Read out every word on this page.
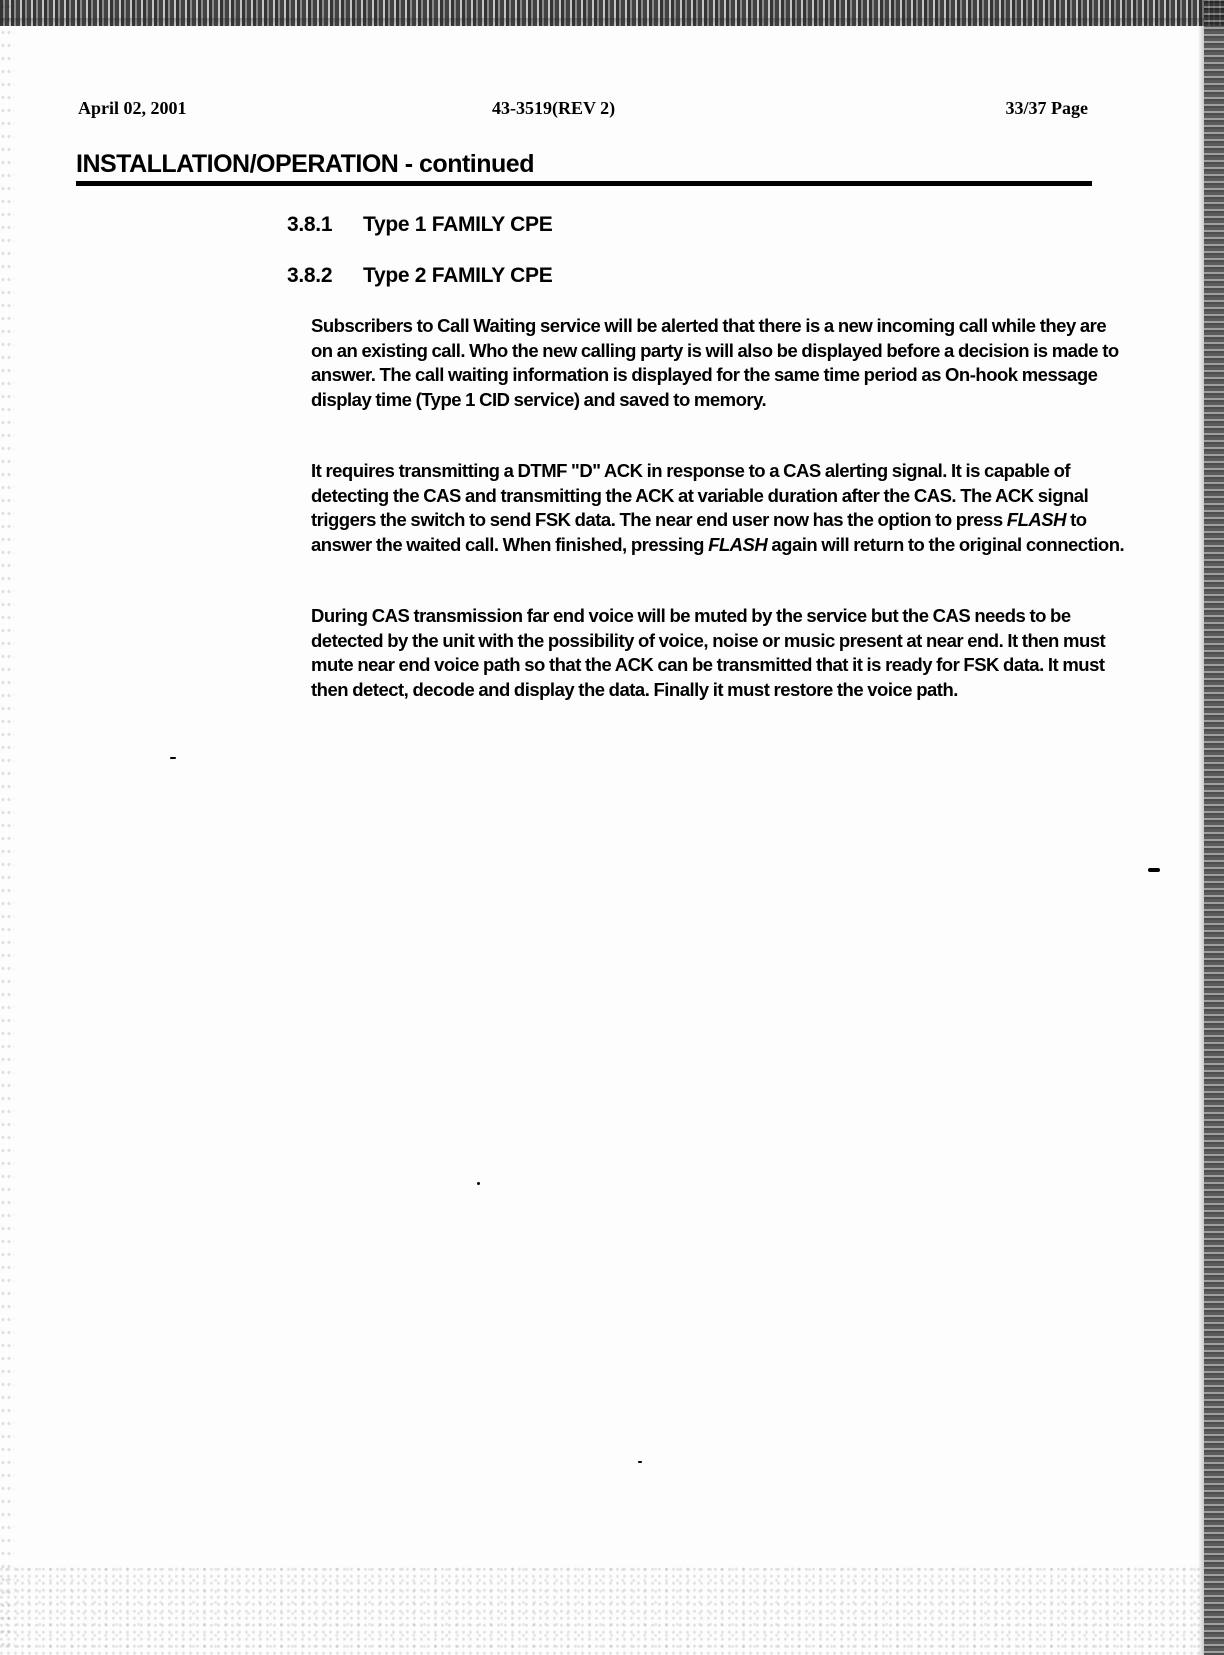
April 02, 2001	43-3519(REV 2)	33/37 Page
INSTALLATION/OPERATION - continued
3.8.1 Type 1 FAMILY CPE
3.8.2 Type 2 FAMILY CPE

Subscribers to Call Waiting service will be alerted that there is a new incoming call while they are on an existing call. Who the new calling party is will also be displayed before a decision is made to answer. The call waiting information is displayed for the same time period as On-hook message display time (Type 1 CID service) and saved to memory.

It requires transmitting a DTMF "D" ACK in response to a CAS alerting signal. It is capable of detecting the CAS and transmitting the ACK at variable duration after the CAS. The ACK signal triggers the switch to send FSK data. The near end user now has the option to press FLASH to answer the waited call. When finished, pressing FLASH again will return to the original connection.

During CAS transmission far end voice will be muted by the service but the CAS needs to be detected by the unit with the possibility of voice, noise or music present at near end. It then must mute near end voice path so that the ACK can be transmitted that it is ready for FSK data. It must then detect, decode and display the data. Finally it must restore the voice path.
